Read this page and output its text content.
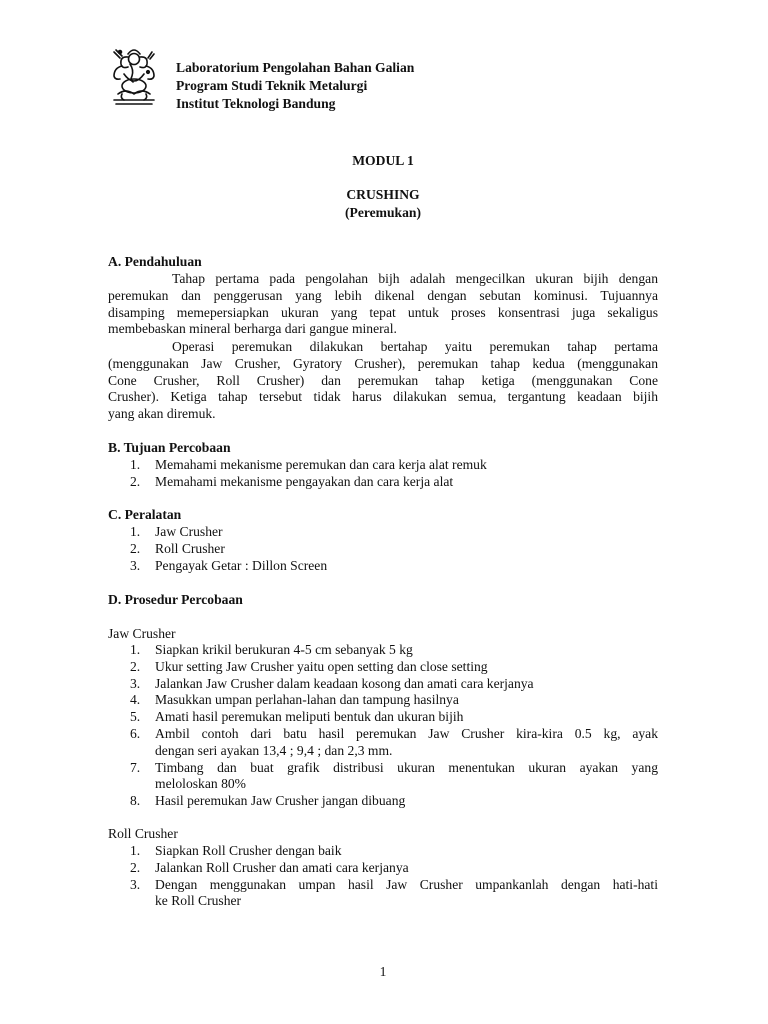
Laboratorium Pengolahan Bahan Galian
Program Studi Teknik Metalurgi
Institut Teknologi Bandung
MODUL 1
CRUSHING
(Peremukan)
A. Pendahuluan
Tahap pertama pada pengolahan bijh adalah mengecilkan ukuran bijih dengan
peremukan dan penggerusan yang lebih dikenal dengan sebutan kominusi. Tujuannya
disamping memepersiapkan ukuran yang tepat untuk proses konsentrasi juga sekaligus
membebaskan mineral berharga dari gangue mineral.
Operasi peremukan dilakukan bertahap yaitu peremukan tahap pertama
(menggunakan Jaw Crusher, Gyratory Crusher), peremukan tahap kedua (menggunakan
Cone Crusher, Roll Crusher) dan peremukan tahap ketiga (menggunakan Cone
Crusher). Ketiga tahap tersebut tidak harus dilakukan semua, tergantung keadaan bijih
yang akan diremuk.
B. Tujuan Percobaan
1. Memahami mekanisme peremukan dan cara kerja alat remuk
2. Memahami mekanisme pengayakan dan cara kerja alat
C. Peralatan
1. Jaw Crusher
2. Roll Crusher
3. Pengayak Getar : Dillon Screen
D. Prosedur Percobaan
Jaw Crusher
1. Siapkan krikil berukuran 4-5 cm sebanyak 5 kg
2. Ukur setting Jaw Crusher yaitu open setting dan close setting
3. Jalankan Jaw Crusher dalam keadaan kosong dan amati cara kerjanya
4. Masukkan umpan perlahan-lahan dan tampung hasilnya
5. Amati hasil peremukan meliputi bentuk dan ukuran bijih
6. Ambil contoh dari batu hasil peremukan Jaw Crusher kira-kira 0.5 kg, ayak
dengan seri ayakan 13,4 ; 9,4 ; dan 2,3 mm.
7. Timbang dan buat grafik distribusi ukuran menentukan ukuran ayakan yang
meloloskan 80%
8. Hasil peremukan Jaw Crusher jangan dibuang
Roll Crusher
1. Siapkan Roll Crusher dengan baik
2. Jalankan Roll Crusher dan amati cara kerjanya
3. Dengan menggunakan umpan hasil Jaw Crusher umpankanlah dengan hati-hati
ke Roll Crusher
1
